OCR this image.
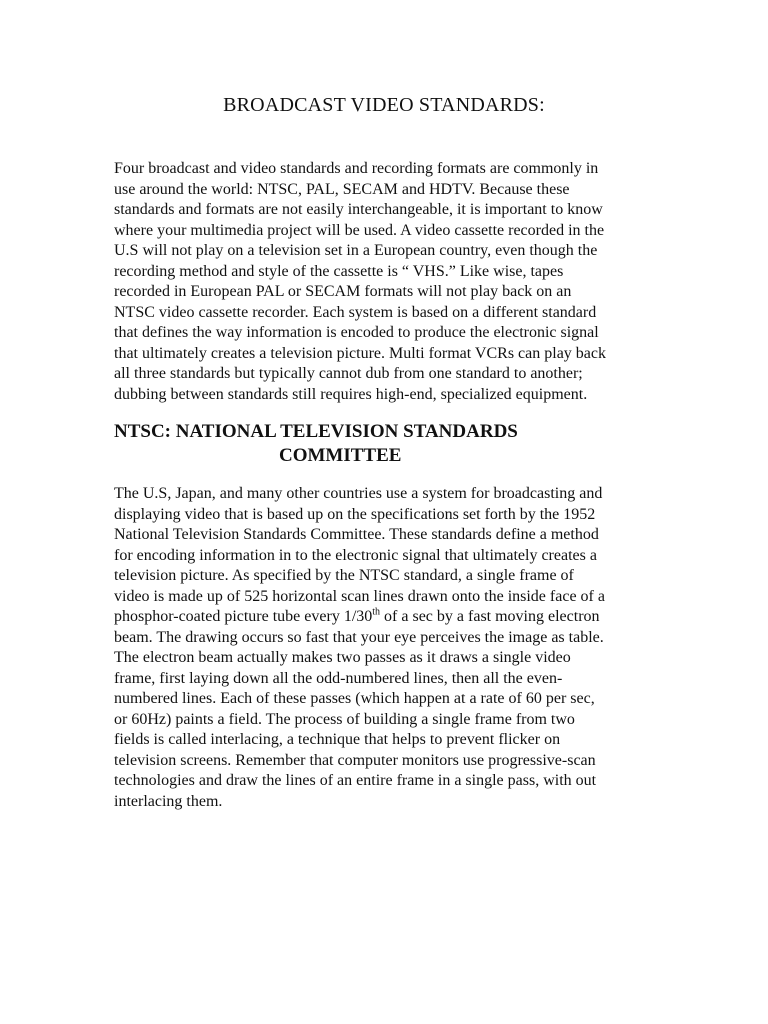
BROADCAST VIDEO STANDARDS:

Four broadcast and video standards and recording formats are commonly in
use around the world: NTSC, PAL, SECAM and HDTV. Because these
standards and formats are not easily interchangeable, it is important to know
where your multimedia project will be used. A video cassette recorded in the
U.S will not play on a television set in a European country, even though the
recording method and style of the cassette is “ VHS.” Like wise, tapes
recorded in European PAL or SECAM formats will not play back on an
NTSC video cassette recorder. Each system is based on a different standard
that defines the way information is encoded to produce the electronic signal
that ultimately creates a television picture. Multi format VCRs can play back
all three standards but typically cannot dub from one standard to another;
dubbing between standards still requires high-end, specialized equipment.

NTSC: NATIONAL TELEVISION STANDARDS
COMMITTEE

The U.S, Japan, and many other countries use a system for broadcasting and
displaying video that is based up on the specifications set forth by the 1952
National Television Standards Committee. These standards define a method
for encoding information in to the electronic signal that ultimately creates a
television picture. As specified by the NTSC standard, a single frame of
video is made up of 525 horizontal scan lines drawn onto the inside face of a
phosphor-coated picture tube every 1/30th of a sec by a fast moving electron
beam. The drawing occurs so fast that your eye perceives the image as table.
The electron beam actually makes two passes as it draws a single video
frame, first laying down all the odd-numbered lines, then all the even-
numbered lines. Each of these passes (which happen at a rate of 60 per sec,
or 60Hz) paints a field. The process of building a single frame from two
fields is called interlacing, a technique that helps to prevent flicker on
television screens. Remember that computer monitors use progressive-scan
technologies and draw the lines of an entire frame in a single pass, with out
interlacing them.
